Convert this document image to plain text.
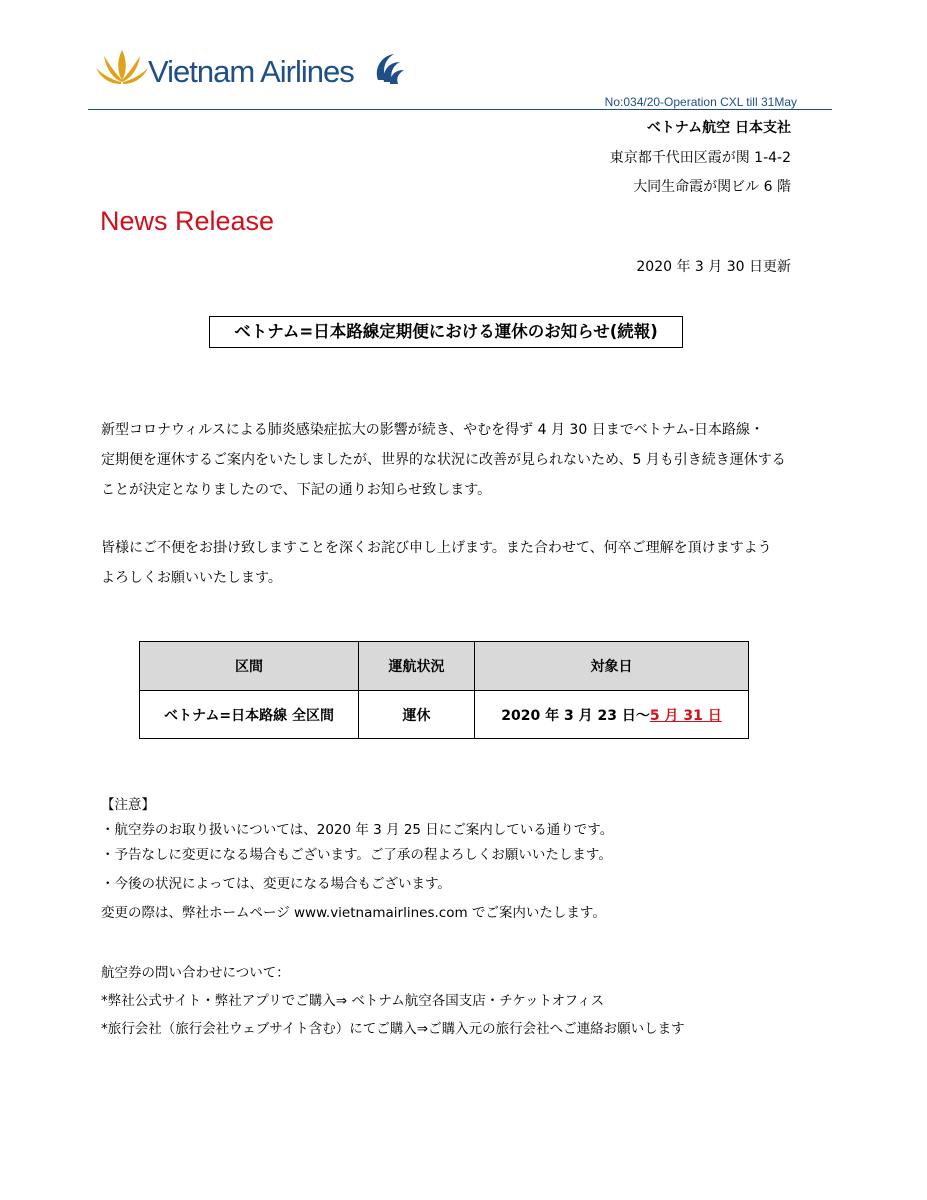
Vietnam Airlines
No:034/20-Operation CXL till 31May
ベトナム航空 日本支社
東京都千代田区霞が関 1-4-2
大同生命霞が関ビル 6 階
News Release
2020 年 3 月 30 日更新
ベトナム=日本路線定期便における運休のお知らせ(続報)

新型コロナウィルスによる肺炎感染症拡大の影響が続き、やむを得ず 4 月 30 日までベトナム-日本路線・

定期便を運休するご案内をいたしましたが、世界的な状況に改善が見られないため、5 月も引き続き運休する

ことが決定となりましたので、下記の通りお知らせ致します。

皆様にご不便をお掛け致しますことを深くお詫び申し上げます。また合わせて、何卒ご理解を頂けますよう

よろしくお願いいたします。

区間	運航状況	対象日
ベトナム=日本路線 全区間	運休	2020 年 3 月 23 日〜5 月 31 日
【注意】
・航空券のお取り扱いについては、2020 年 3 月 25 日にご案内している通りです。
・予告なしに変更になる場合もございます。ご了承の程よろしくお願いいたします。
・今後の状況によっては、変更になる場合もございます。
変更の際は、弊社ホームページ www.vietnamairlines.com でご案内いたします。
航空券の問い合わせについて：
*弊社公式サイト・弊社アプリでご購入⇒ ベトナム航空各国支店・チケットオフィス
*旅行会社（旅行会社ウェブサイト含む）にてご購入⇒ご購入元の旅行会社へご連絡お願いします
